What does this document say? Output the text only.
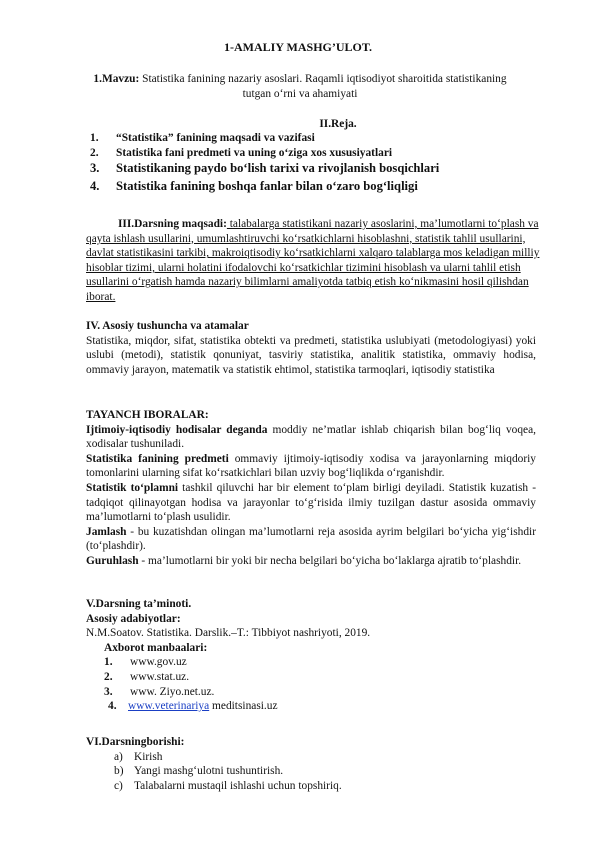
1-AMALIY MASHG’ULOT.
1.Mavzu: Statistika fanining nazariy asoslari. Raqamli iqtisodiyot sharoitida statistikaning tutgan o‘rni va ahamiyati
II.Reja.
1. “Statistika” fanining maqsadi va vazifasi
2. Statistika fani predmeti va uning o‘ziga xos xususiyatlari
3. Statistikaning paydo bo‘lish tarixi va rivojlanish bosqichlari
4. Statistika fanining boshqa fanlar bilan o‘zaro bog‘liqligi
III.Darsning maqsadi: talabalarga statistikani nazariy asoslarini, ma’lumotlarni to‘plash va qayta ishlash usullarini, umumlashtiruvchi ko‘rsatkichlarni hisoblashni, statistik tahlil usullarini, davlat statistikasini tarkibi, makroiqtisodiy ko‘rsatkichlarni xalqaro talablarga mos keladigan milliy hisoblar tizimi, ularni holatini ifodalovchi ko‘rsatkichlar tizimini hisoblash va ularni tahlil etish usullarini o‘rgatish hamda nazariy bilimlarni amaliyotda tatbiq etish ko‘nikmasini hosil qilishdan iborat.
IV. Asosiy tushuncha va atamalar
Statistika, miqdor, sifat, statistika obtekti va predmeti, statistika uslubiyati (metodologiyasi) yoki uslubi (metodi), statistik qonuniyat, tasviriy statistika, analitik statistika, ommaviy hodisa, ommaviy jarayon, matematik va statistik ehtimol, statistika tarmoqlari, iqtisodiy statistika
TAYANCH IBORALAR:
Ijtimoiy-iqtisodiy hodisalar deganda moddiy ne’matlar ishlab chiqarish bilan bog‘liq voqea, xodisalar tushuniladi.
Statistika fanining predmeti ommaviy ijtimoiy-iqtisodiy xodisa va jarayonlarning miqdoriy tomonlarini ularning sifat ko‘rsatkichlari bilan uzviy bog‘liqlikda o‘rganishdir.
Statistik to‘plamni tashkil qiluvchi har bir element to‘plam birligi deyiladi. Statistik kuzatish - tadqiqot qilinayotgan hodisa va jarayonlar to‘g‘risida ilmiy tuzilgan dastur asosida ommaviy ma’lumotlarni to‘plash usulidir.
Jamlash - bu kuzatishdan olingan ma’lumotlarni reja asosida ayrim belgilari bo‘yicha yig‘ishdir (to‘plashdir).
Guruhlash - ma’lumotlarni bir yoki bir necha belgilari bo‘yicha bo‘laklarga ajratib to‘plashdir.
V.Darsning ta’minoti.
Asosiy adabiyotlar:
N.M.Soatov. Statistika. Darslik.–T.: Tibbiyot nashriyoti, 2019.
Axborot manbaalari:
1. www.gov.uz
2. www.stat.uz.
3. www. Ziyo.net.uz.
4. www.veterinariya meditsinasi.uz
VI.Darsningborishi:
a) Kirish
b) Yangi mashg‘ulotni tushuntirish.
c) Talabalarni mustaqil ishlashi uchun topshiriq.
